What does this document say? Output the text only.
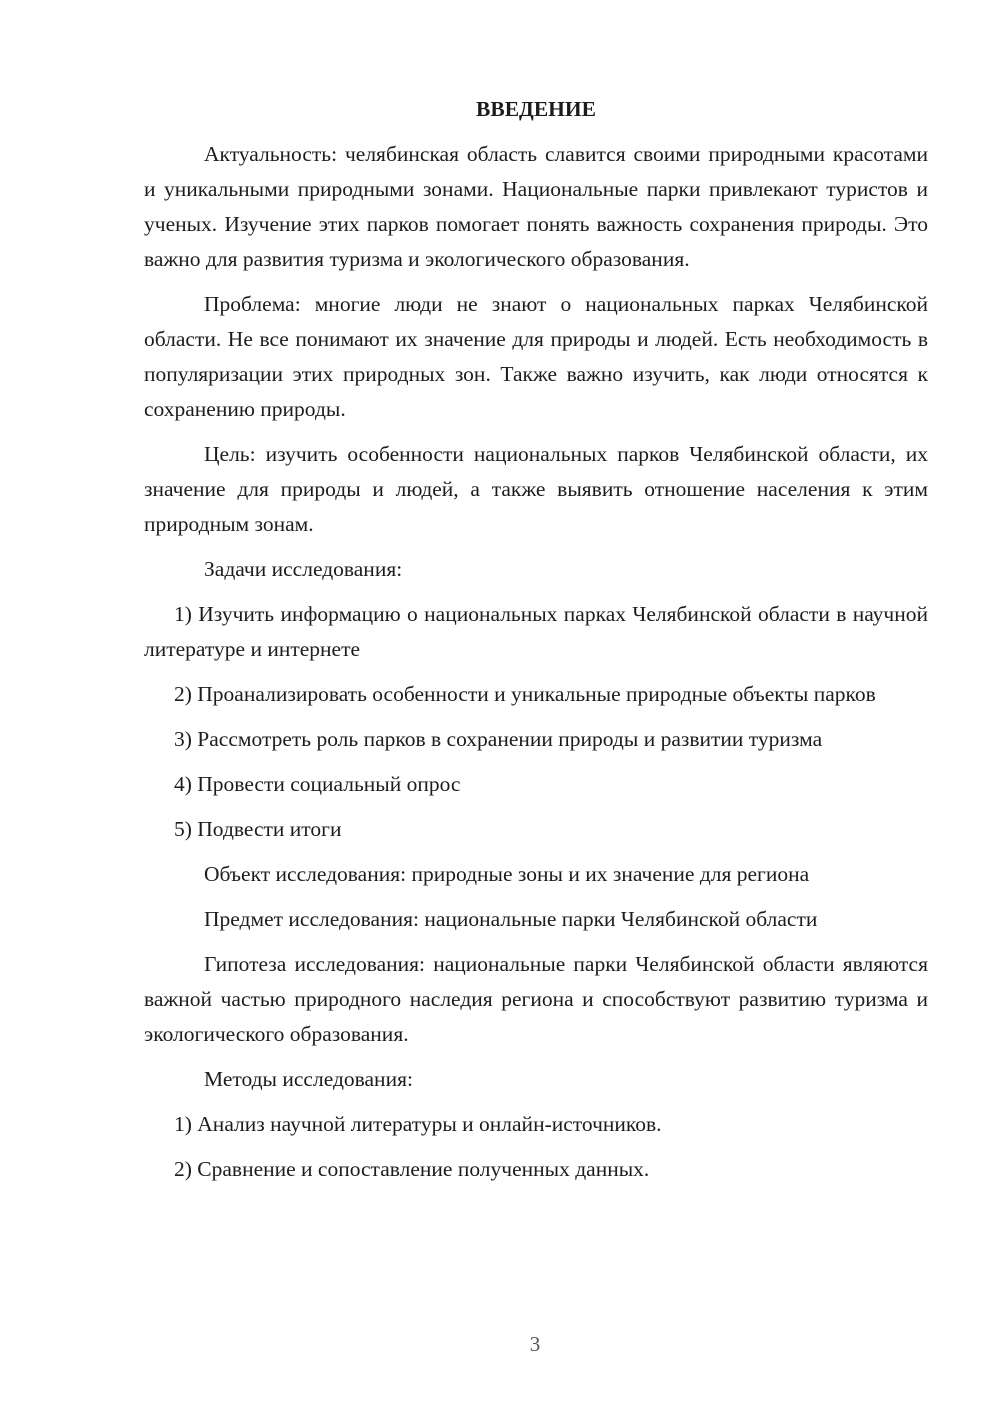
ВВЕДЕНИЕ

Актуальность: челябинская область славится своими природными красотами и уникальными природными зонами. Национальные парки привлекают туристов и ученых. Изучение этих парков помогает понять важность сохранения природы. Это важно для развития туризма и экологического образования.

Проблема: многие люди не знают о национальных парках Челябинской области. Не все понимают их значение для природы и людей. Есть необходимость в популяризации этих природных зон. Также важно изучить, как люди относятся к сохранению природы.

Цель: изучить особенности национальных парков Челябинской области, их значение для природы и людей, а также выявить отношение населения к этим природным зонам.

Задачи исследования:

1) Изучить информацию о национальных парках Челябинской области в научной литературе и интернете

2) Проанализировать особенности и уникальные природные объекты парков

3) Рассмотреть роль парков в сохранении природы и развитии туризма

4) Провести социальный опрос

5) Подвести итоги

Объект исследования: природные зоны и их значение для региона

Предмет исследования: национальные парки Челябинской области

Гипотеза исследования: национальные парки Челябинской области являются важной частью природного наследия региона и способствуют развитию туризма и экологического образования.

Методы исследования:

1) Анализ научной литературы и онлайн-источников.

2) Сравнение и сопоставление полученных данных.

3
